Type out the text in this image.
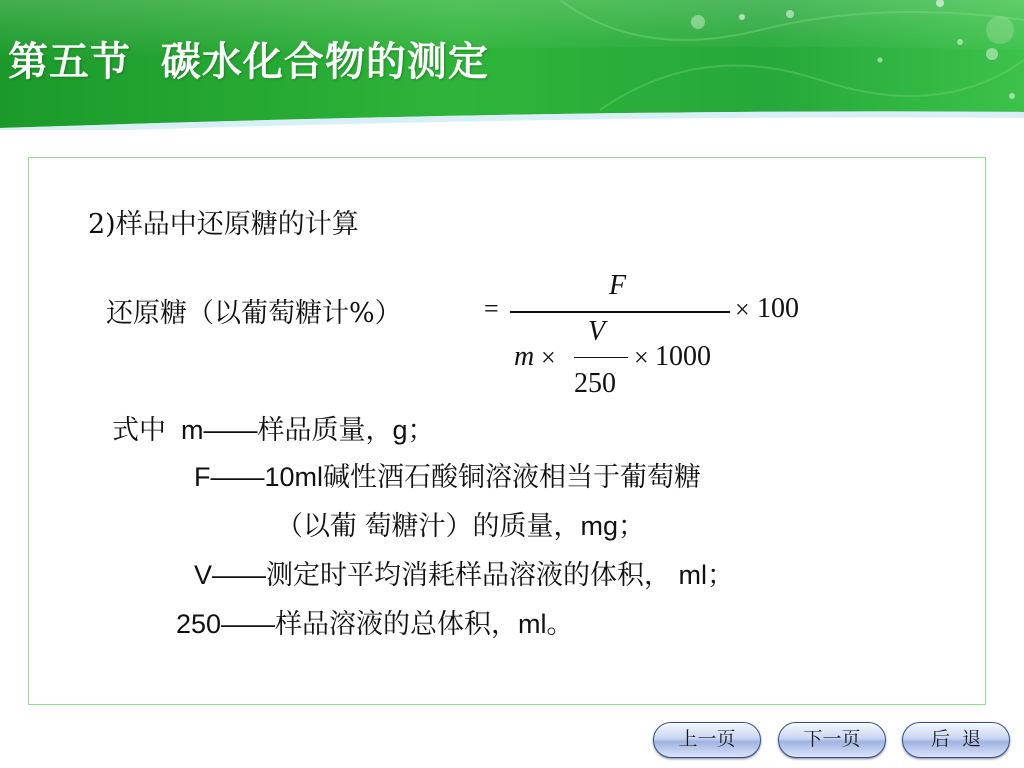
第五节  碳水化合物的测定
2)样品中还原糖的计算
还原糖（以葡萄糖计%）	=
F
m ×
V
250
× 1000
× 100
式中  m——样品质量，g；
F——10ml碱性酒石酸铜溶液相当于葡萄糖
（以葡 萄糖汁）的质量，mg；
V——测定时平均消耗样品溶液的体积， ml；
250——样品溶液的总体积，ml。
上一页	下一页	后  退
